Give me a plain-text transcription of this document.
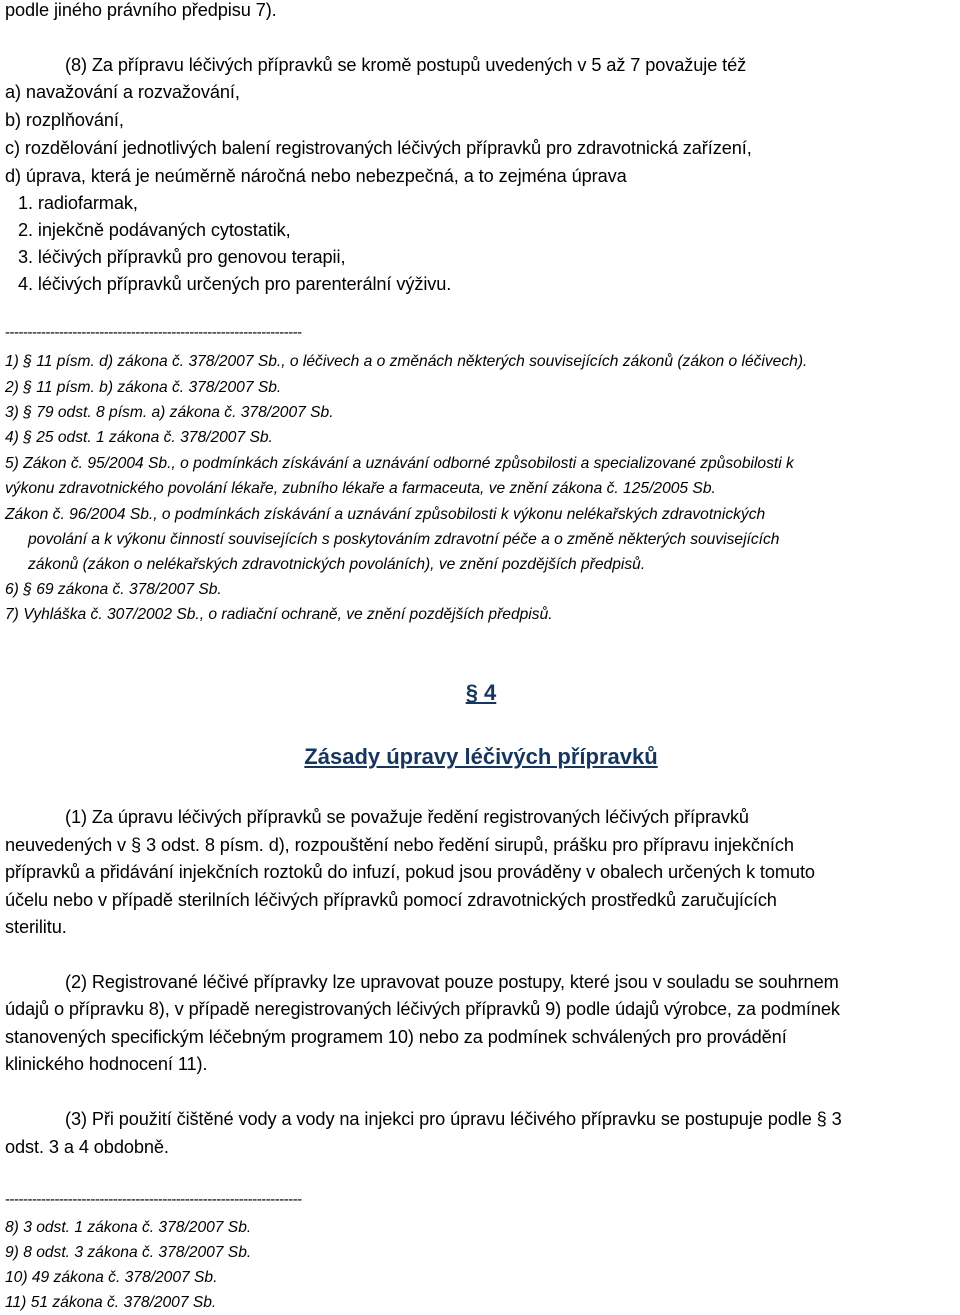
podle jiného právního předpisu 7).
(8) Za přípravu léčivých přípravků se kromě postupů uvedených v 5 až 7 považuje též
a) navažování a rozvažování,
b) rozplňování,
c) rozdělování jednotlivých balení registrovaných léčivých přípravků pro zdravotnická zařízení,
d) úprava, která je neúměrně náročná nebo nebezpečná, a to zejména úprava
1. radiofarmak,
2. injekčně podávaných cytostatik,
3. léčivých přípravků pro genovou terapii,
4. léčivých přípravků určených pro parenterální výživu.
------------------------------------------------------------------
1) § 11 písm. d) zákona č. 378/2007 Sb., o léčivech a o změnách některých souvisejících zákonů (zákon o léčivech).
2) § 11 písm. b) zákona č. 378/2007 Sb.
3) § 79 odst. 8 písm. a) zákona č. 378/2007 Sb.
4) § 25 odst. 1 zákona č. 378/2007 Sb.
5) Zákon č. 95/2004 Sb., o podmínkách získávání a uznávání odborné způsobilosti a specializované způsobilosti k
výkonu zdravotnického povolání lékaře, zubního lékaře a farmaceuta, ve znění zákona č. 125/2005 Sb.
Zákon č. 96/2004 Sb., o podmínkách získávání a uznávání způsobilosti k výkonu nelékařských zdravotnických
povolání a k výkonu činností souvisejících s poskytováním zdravotní péče a o změně některých souvisejících
zákonů (zákon o nelékařských zdravotnických povoláních), ve znění pozdějších předpisů.
6) § 69 zákona č. 378/2007 Sb.
7) Vyhláška č. 307/2002 Sb., o radiační ochraně, ve znění pozdějších předpisů.
§ 4
Zásady úpravy léčivých přípravků
(1) Za úpravu léčivých přípravků se považuje ředění registrovaných léčivých přípravků
neuvedených v § 3 odst. 8 písm. d), rozpouštění nebo ředění sirupů, prášku pro přípravu injekčních
přípravků a přidávání injekčních roztoků do infuzí, pokud jsou prováděny v obalech určených k tomuto
účelu nebo v případě sterilních léčivých přípravků pomocí zdravotnických prostředků zaručujících
sterilitu.
(2) Registrované léčivé přípravky lze upravovat pouze postupy, které jsou v souladu se souhrnem
údajů o přípravku 8), v případě neregistrovaných léčivých přípravků 9) podle údajů výrobce, za podmínek
stanovených specifickým léčebným programem 10) nebo za podmínek schválených pro provádění
klinického hodnocení 11).
(3) Při použití čištěné vody a vody na injekci pro úpravu léčivého přípravku se postupuje podle § 3
odst. 3 a 4 obdobně.
------------------------------------------------------------------
8) 3 odst. 1 zákona č. 378/2007 Sb.
9) 8 odst. 3 zákona č. 378/2007 Sb.
10) 49 zákona č. 378/2007 Sb.
11) 51 zákona č. 378/2007 Sb.
